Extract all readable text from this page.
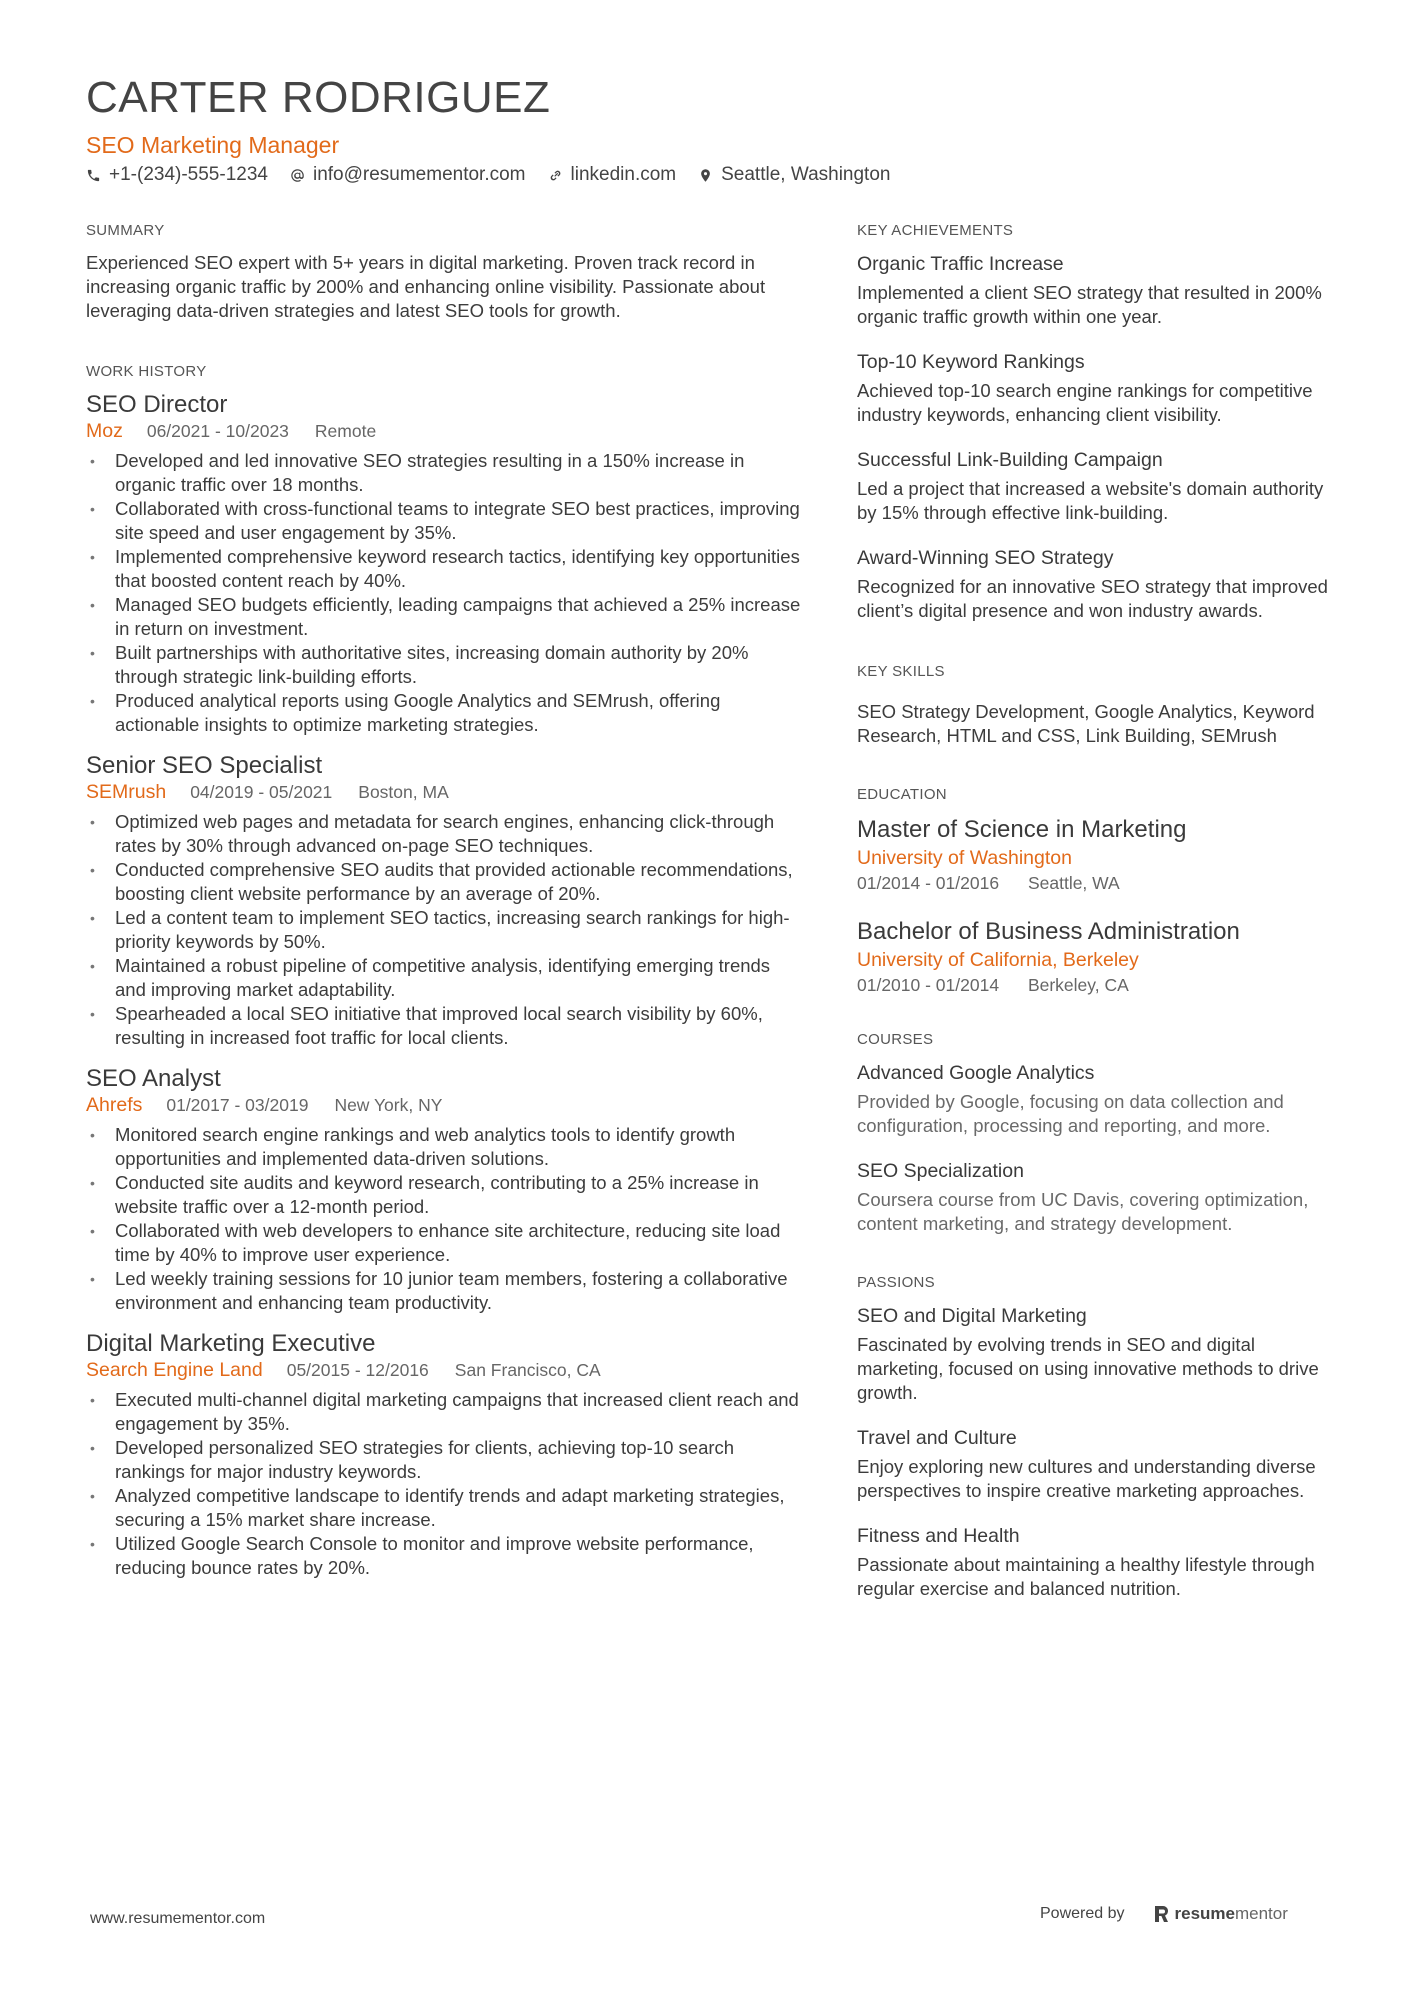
CARTER RODRIGUEZ
SEO Marketing Manager
+1-(234)-555-1234 info@resumementor.com linkedin.com Seattle, Washington
SUMMARY

Experienced SEO expert with 5+ years in digital marketing. Proven track record in increasing organic traffic by 200% and enhancing online visibility. Passionate about leveraging data-driven strategies and latest SEO tools for growth.

WORK HISTORY
SEO Director
Moz 06/2021 - 10/2023 Remote
• Developed and led innovative SEO strategies resulting in a 150% increase in organic traffic over 18 months.
• Collaborated with cross-functional teams to integrate SEO best practices, improving site speed and user engagement by 35%.
• Implemented comprehensive keyword research tactics, identifying key opportunities that boosted content reach by 40%.
• Managed SEO budgets efficiently, leading campaigns that achieved a 25% increase in return on investment.
• Built partnerships with authoritative sites, increasing domain authority by 20% through strategic link-building efforts.
• Produced analytical reports using Google Analytics and SEMrush, offering actionable insights to optimize marketing strategies.
Senior SEO Specialist
SEMrush 04/2019 - 05/2021 Boston, MA
• Optimized web pages and metadata for search engines, enhancing click-through rates by 30% through advanced on-page SEO techniques.
• Conducted comprehensive SEO audits that provided actionable recommendations, boosting client website performance by an average of 20%.
• Led a content team to implement SEO tactics, increasing search rankings for high-priority keywords by 50%.
• Maintained a robust pipeline of competitive analysis, identifying emerging trends and improving market adaptability.
• Spearheaded a local SEO initiative that improved local search visibility by 60%, resulting in increased foot traffic for local clients.
SEO Analyst
Ahrefs 01/2017 - 03/2019 New York, NY
• Monitored search engine rankings and web analytics tools to identify growth opportunities and implemented data-driven solutions.
• Conducted site audits and keyword research, contributing to a 25% increase in website traffic over a 12-month period.
• Collaborated with web developers to enhance site architecture, reducing site load time by 40% to improve user experience.
• Led weekly training sessions for 10 junior team members, fostering a collaborative environment and enhancing team productivity.
Digital Marketing Executive
Search Engine Land 05/2015 - 12/2016 San Francisco, CA
• Executed multi-channel digital marketing campaigns that increased client reach and engagement by 35%.
• Developed personalized SEO strategies for clients, achieving top-10 search rankings for major industry keywords.
• Analyzed competitive landscape to identify trends and adapt marketing strategies, securing a 15% market share increase.
• Utilized Google Search Console to monitor and improve website performance, reducing bounce rates by 20%.
KEY ACHIEVEMENTS
Organic Traffic Increase
Implemented a client SEO strategy that resulted in 200% organic traffic growth within one year.
Top-10 Keyword Rankings
Achieved top-10 search engine rankings for competitive industry keywords, enhancing client visibility.
Successful Link-Building Campaign
Led a project that increased a website's domain authority by 15% through effective link-building.
Award-Winning SEO Strategy
Recognized for an innovative SEO strategy that improved client’s digital presence and won industry awards.
KEY SKILLS
SEO Strategy Development, Google Analytics, Keyword Research, HTML and CSS, Link Building, SEMrush
EDUCATION
Master of Science in Marketing
University of Washington
01/2014 - 01/2016 Seattle, WA
Bachelor of Business Administration
University of California, Berkeley
01/2010 - 01/2014 Berkeley, CA
COURSES
Advanced Google Analytics
Provided by Google, focusing on data collection and configuration, processing and reporting, and more.
SEO Specialization
Coursera course from UC Davis, covering optimization, content marketing, and strategy development.
PASSIONS
SEO and Digital Marketing
Fascinated by evolving trends in SEO and digital marketing, focused on using innovative methods to drive growth.
Travel and Culture
Enjoy exploring new cultures and understanding diverse perspectives to inspire creative marketing approaches.
Fitness and Health
Passionate about maintaining a healthy lifestyle through regular exercise and balanced nutrition.
www.resumementor.com	Powered by	resume mentor
